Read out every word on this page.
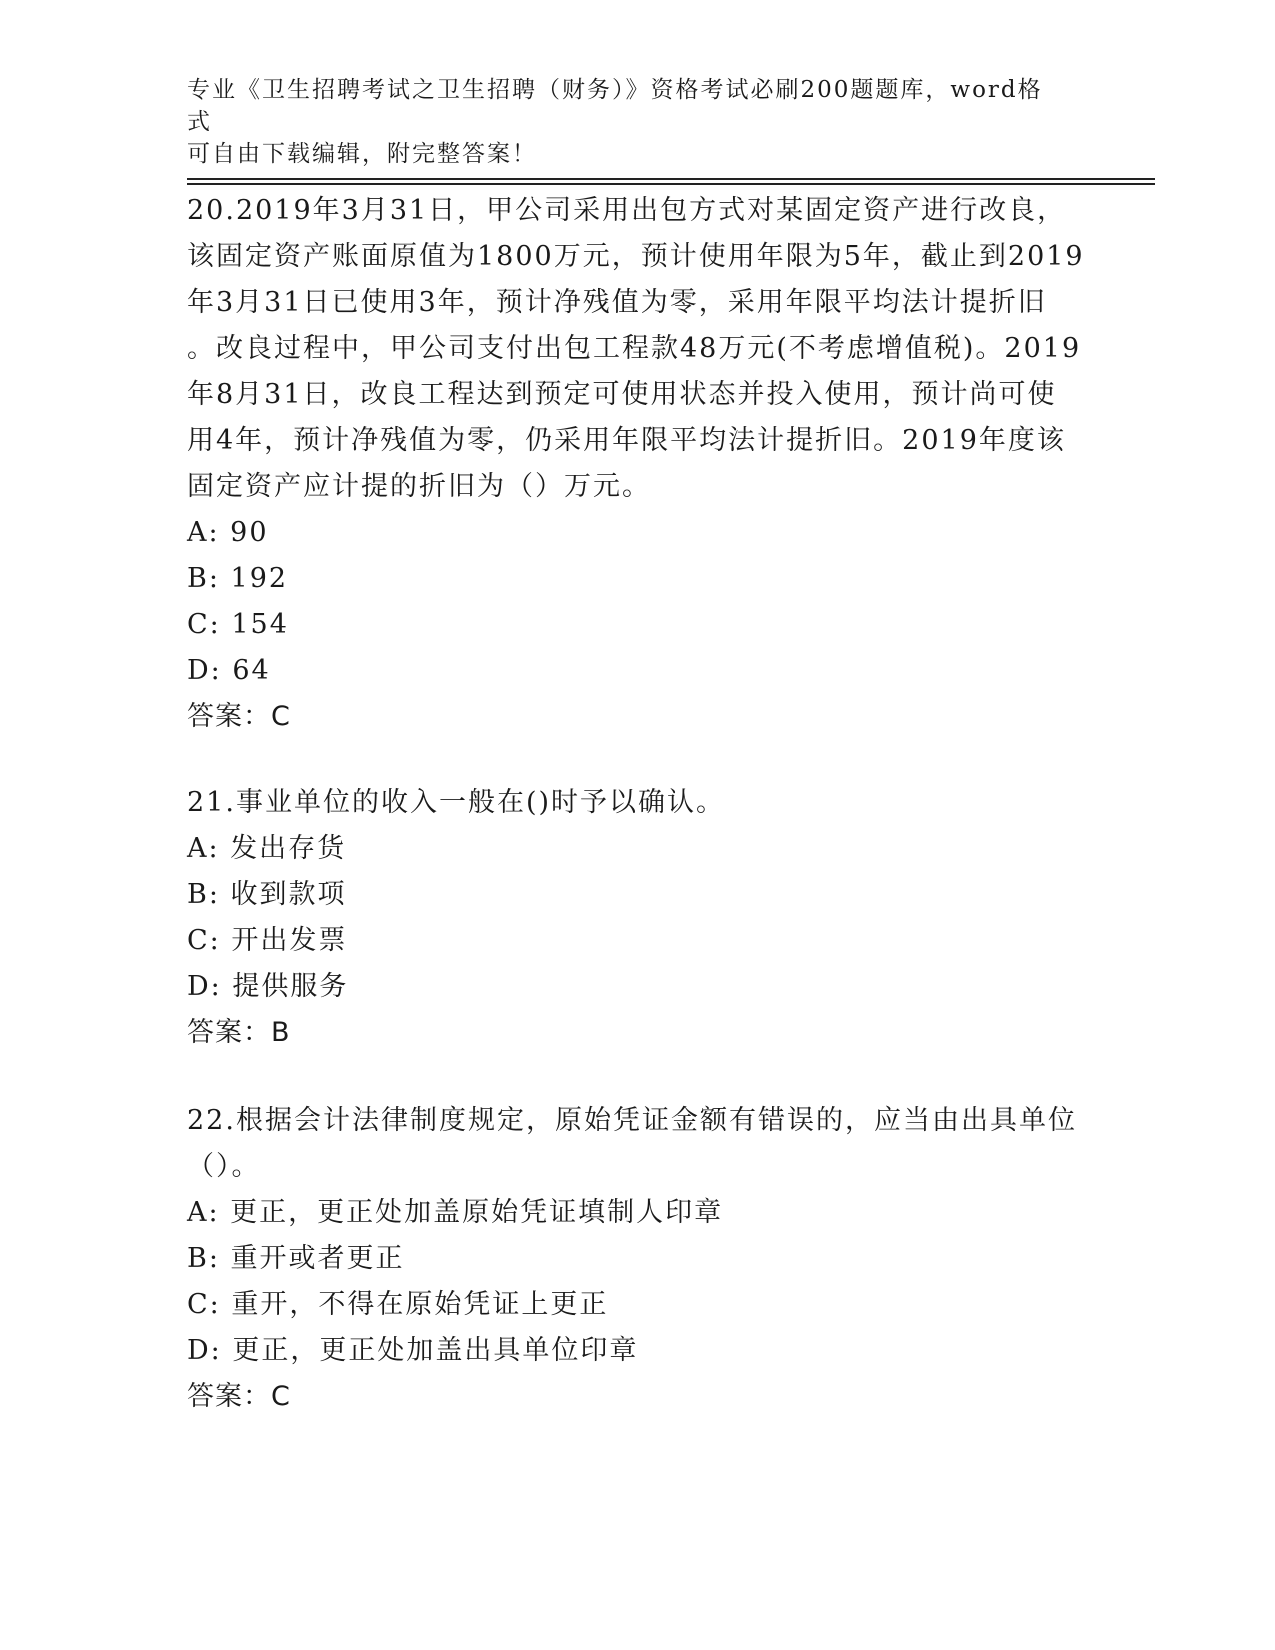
专业《卫生招聘考试之卫生招聘（财务）》资格考试必刷200题题库，word格式
可自由下载编辑，附完整答案！
20.2019年3月31日，甲公司采用出包方式对某固定资产进行改良，
该固定资产账面原值为1800万元，预计使用年限为5年，截止到2019
年3月31日已使用3年，预计净残值为零，采用年限平均法计提折旧
。改良过程中，甲公司支付出包工程款48万元(不考虑增值税)。2019
年8月31日，改良工程达到预定可使用状态并投入使用，预计尚可使
用4年，预计净残值为零，仍采用年限平均法计提折旧。2019年度该
固定资产应计提的折旧为（）万元。
A: 90
B: 192
C: 154
D: 64
答案：C
21.事业单位的收入一般在()时予以确认。
A: 发出存货
B: 收到款项
C: 开出发票
D: 提供服务
答案：B
22.根据会计法律制度规定，原始凭证金额有错误的，应当由出具单位
（）。
A: 更正，更正处加盖原始凭证填制人印章
B: 重开或者更正
C: 重开，不得在原始凭证上更正
D: 更正，更正处加盖出具单位印章
答案：C
